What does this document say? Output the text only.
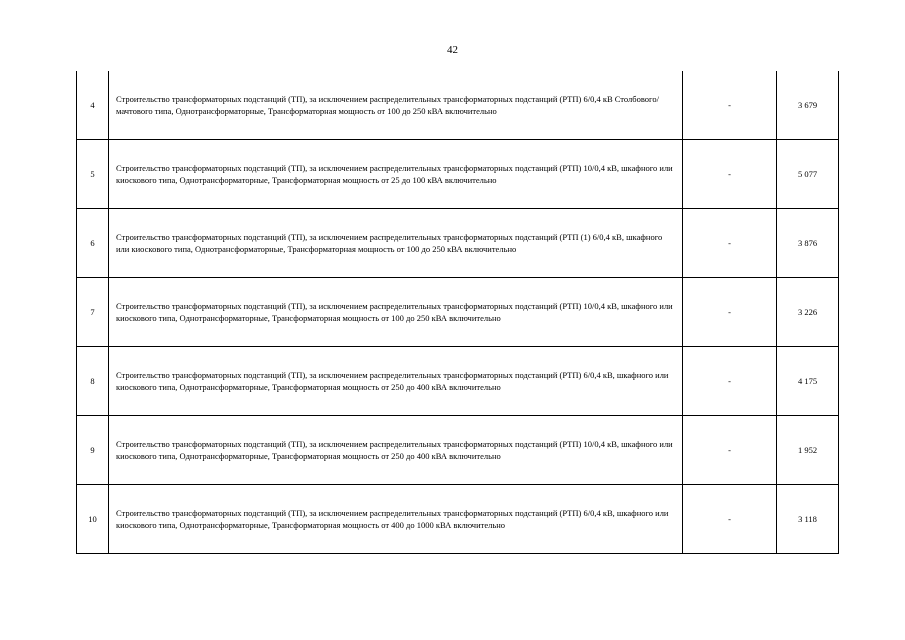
42
4	Строительство трансформаторных подстанций (ТП), за исключением распределительных трансформаторных подстанций (РТП) 6/0,4 кВ Столбового/мачтового типа, Однотрансформаторные, Трансформаторная мощность от 100 до 250 кВА включительно	-	3 679
5	Строительство трансформаторных подстанций (ТП), за исключением распределительных трансформаторных подстанций (РТП) 10/0,4 кВ, шкафного или киоскового типа, Однотрансформаторные, Трансформаторная мощность от 25 до 100 кВА включительно	-	5 077
6	Строительство трансформаторных подстанций (ТП), за исключением распределительных трансформаторных подстанций (РТП (1) 6/0,4 кВ, шкафного или киоскового типа, Однотрансформаторные, Трансформаторная мощность от 100 до 250 кВА включительно	-	3 876
7	Строительство трансформаторных подстанций (ТП), за исключением распределительных трансформаторных подстанций (РТП) 10/0,4 кВ, шкафного или киоскового типа, Однотрансформаторные, Трансформаторная мощность от 100 до 250 кВА включительно	-	3 226
8	Строительство трансформаторных подстанций (ТП), за исключением распределительных трансформаторных подстанций (РТП) 6/0,4 кВ, шкафного или киоскового типа, Однотрансформаторные, Трансформаторная мощность от 250 до 400 кВА включительно	-	4 175
9	Строительство трансформаторных подстанций (ТП), за исключением распределительных трансформаторных подстанций (РТП) 10/0,4 кВ, шкафного или киоскового типа, Однотрансформаторные, Трансформаторная мощность от 250 до 400 кВА включительно	-	1 952
10	Строительство трансформаторных подстанций (ТП), за исключением распределительных трансформаторных подстанций (РТП) 6/0,4 кВ, шкафного или киоскового типа, Однотрансформаторные, Трансформаторная мощность от 400 до 1000 кВА включительно	-	3 118
